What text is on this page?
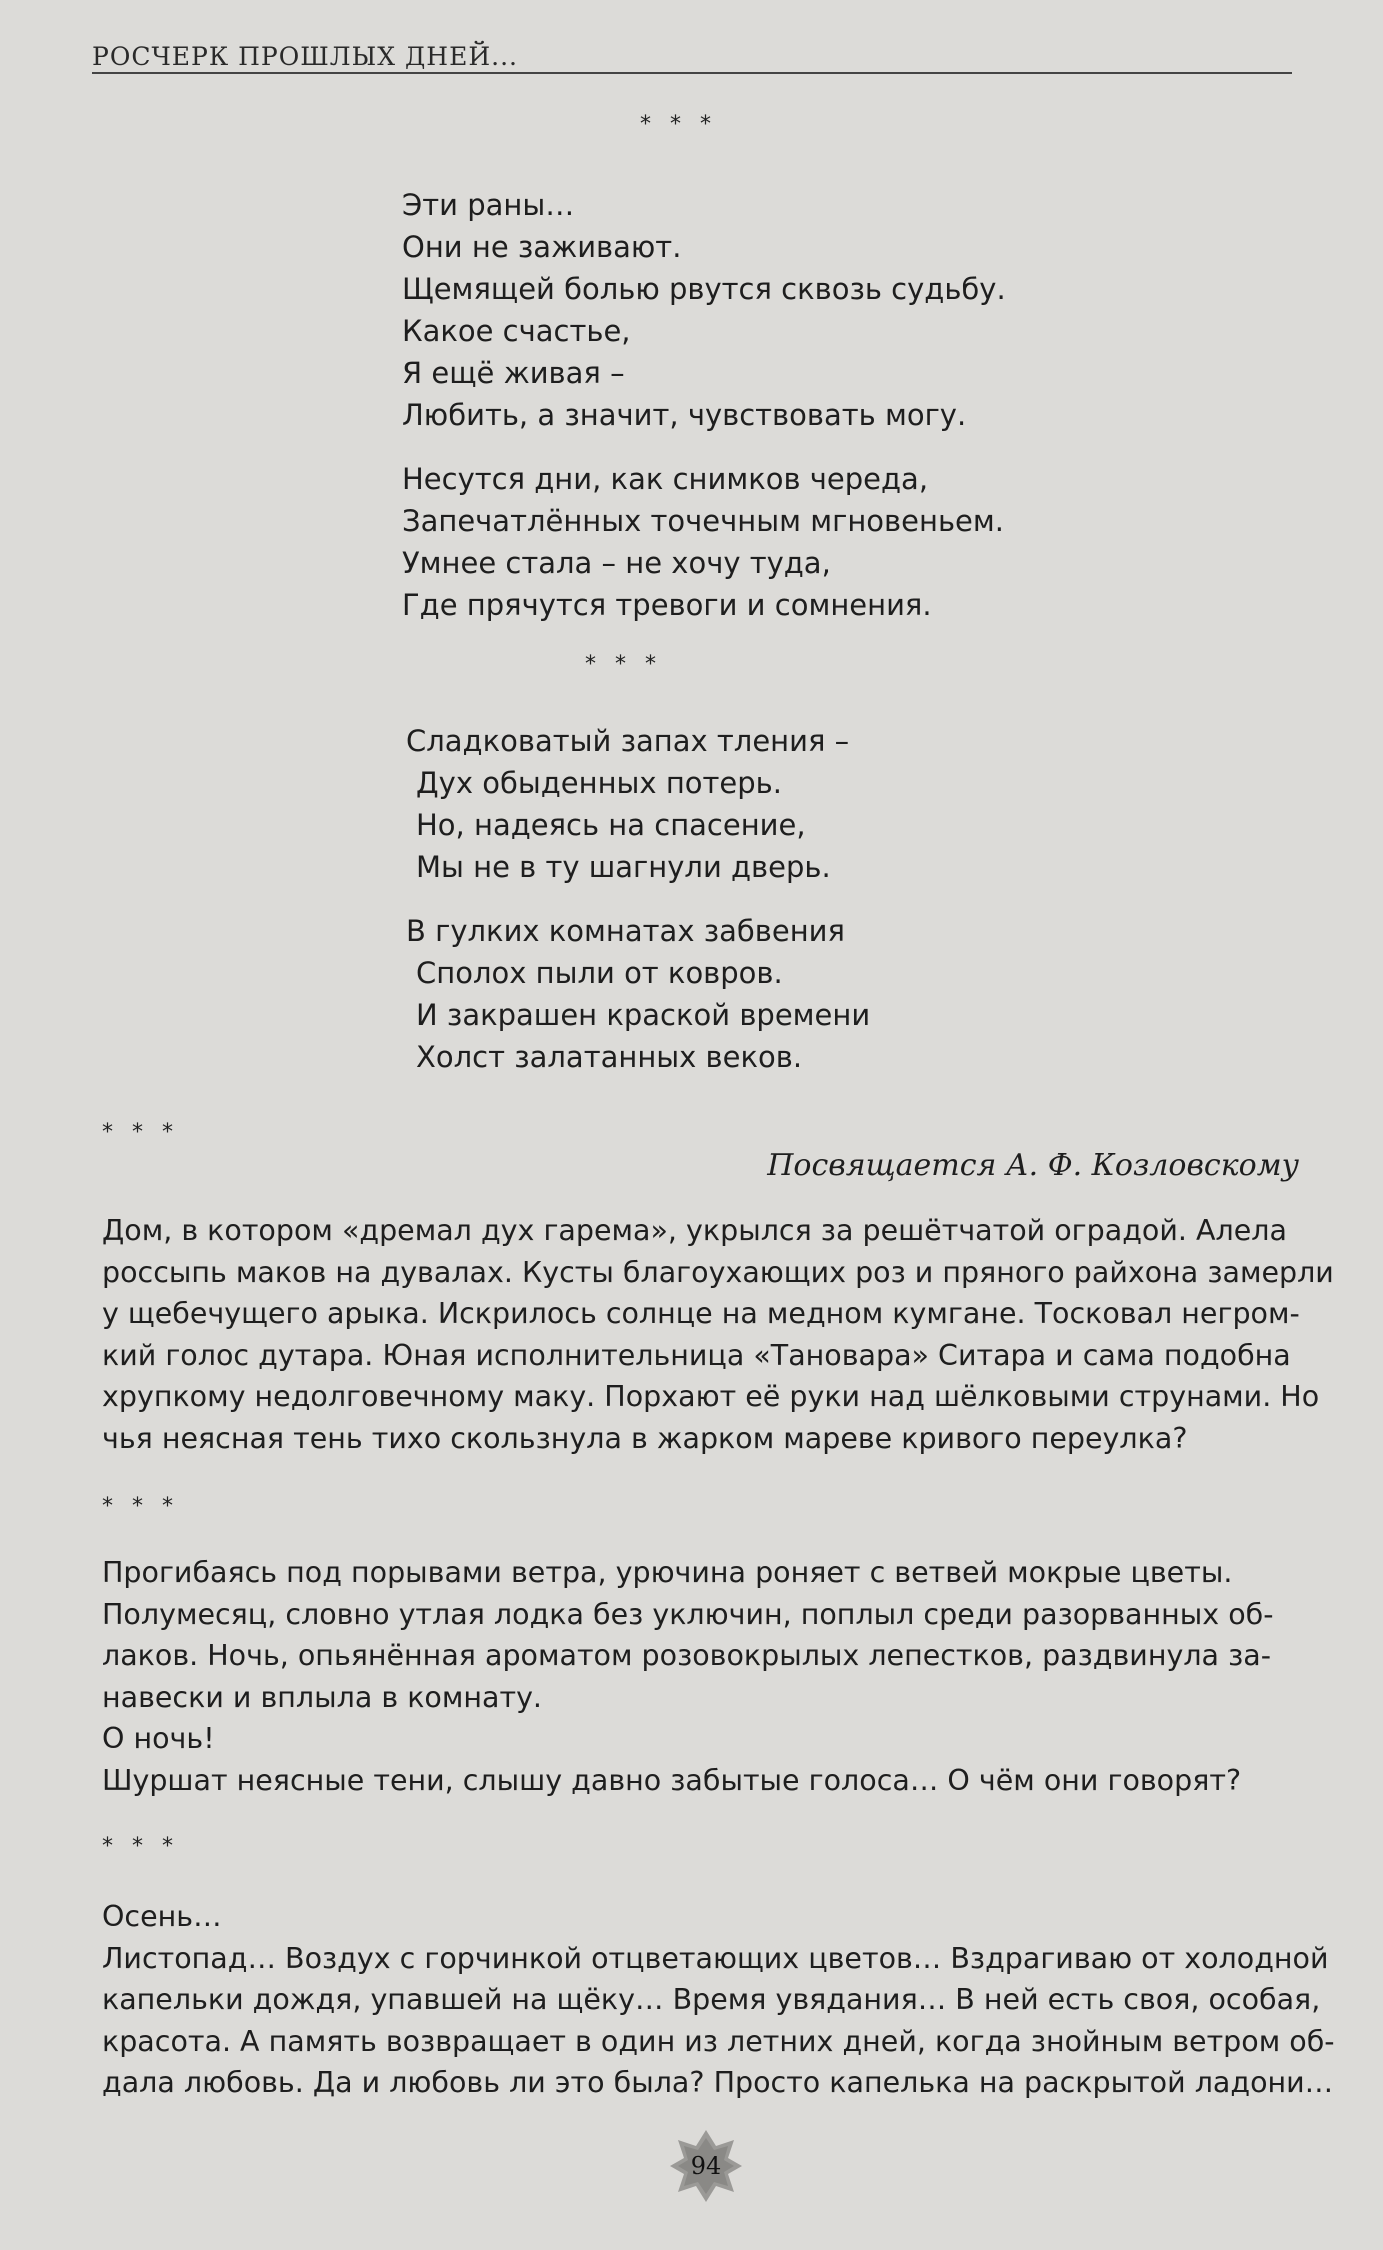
РОСЧЕРК ПРОШЛЫХ ДНЕЙ...
* * *
Эти раны…
Они не заживают.
Щемящей болью рвутся сквозь судьбу.
Какое счастье,
Я ещё живая –
Любить, а значит, чувствовать могу.
Несутся дни, как снимков череда,
Запечатлённых точечным мгновеньем.
Умнее стала – не хочу туда,
Где прячутся тревоги и сомнения.
* * *
Сладковатый запах тления –
Дух обыденных потерь.
Но, надеясь на спасение,
Мы не в ту шагнули дверь.
В гулких комнатах забвения
Сполох пыли от ковров.
И закрашен краской времени
Холст залатанных веков.
* * *
Посвящается А. Ф. Козловскому
Дом, в котором «дремал дух гарема», укрылся за решётчатой оградой. Алела
россыпь маков на дувалах. Кусты благоухающих роз и пряного райхона замерли
у щебечущего арыка. Искрилось солнце на медном кумгане. Тосковал негром-
кий голос дутара. Юная исполнительница «Тановара» Ситара и сама подобна
хрупкому недолговечному маку. Порхают её руки над шёлковыми струнами. Но
чья неясная тень тихо скользнула в жарком мареве кривого переулка?
* * *
Прогибаясь под порывами ветра, урючина роняет с ветвей мокрые цветы.
Полумесяц, словно утлая лодка без уключин, поплыл среди разорванных об-
лаков. Ночь, опьянённая ароматом розовокрылых лепестков, раздвинула за-
навески и вплыла в комнату.
О ночь!
Шуршат неясные тени, слышу давно забытые голоса… О чём они говорят?
* * *
Осень…
Листопад… Воздух с горчинкой отцветающих цветов… Вздрагиваю от холодной
капельки дождя, упавшей на щёку… Время увядания… В ней есть своя, особая,
красота. А память возвращает в один из летних дней, когда знойным ветром об-
дала любовь. Да и любовь ли это была? Просто капелька на раскрытой ладони…
94
